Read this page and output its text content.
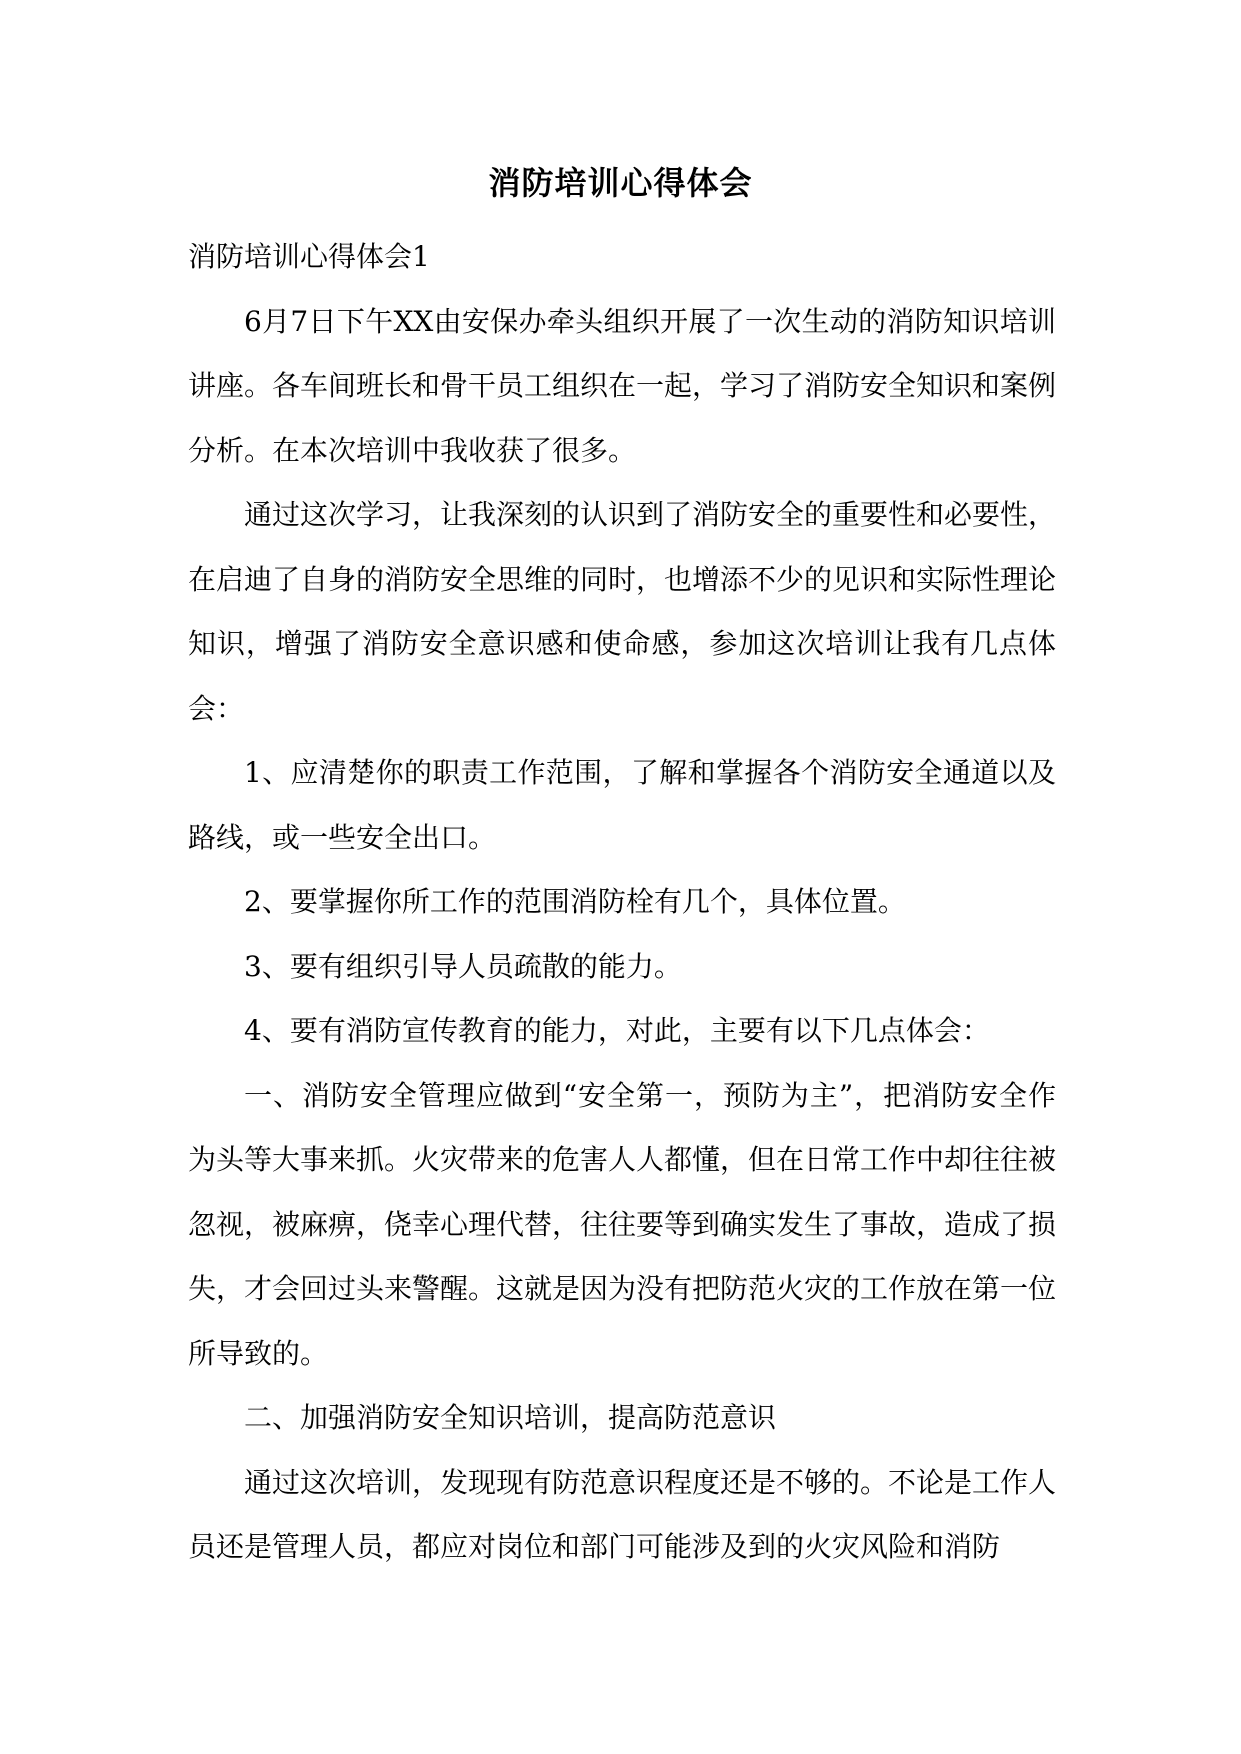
消防培训心得体会

消防培训心得体会1

6月7日下午XX由安保办牵头组织开展了一次生动的消防知识培训讲座。各车间班长和骨干员工组织在一起，学习了消防安全知识和案例分析。在本次培训中我收获了很多。

通过这次学习，让我深刻的认识到了消防安全的重要性和必要性，在启迪了自身的消防安全思维的同时，也增添不少的见识和实际性理论知识，增强了消防安全意识感和使命感，参加这次培训让我有几点体会：

1、应清楚你的职责工作范围，了解和掌握各个消防安全通道以及路线，或一些安全出口。

2、要掌握你所工作的范围消防栓有几个，具体位置。

3、要有组织引导人员疏散的能力。

4、要有消防宣传教育的能力，对此，主要有以下几点体会：

一、消防安全管理应做到“安全第一，预防为主”，把消防安全作为头等大事来抓。火灾带来的危害人人都懂，但在日常工作中却往往被忽视，被麻痹，侥幸心理代替，往往要等到确实发生了事故，造成了损失，才会回过头来警醒。这就是因为没有把防范火灾的工作放在第一位所导致的。

二、加强消防安全知识培训，提高防范意识

通过这次培训，发现现有防范意识程度还是不够的。不论是工作人员还是管理人员，都应对岗位和部门可能涉及到的火灾风险和消防
